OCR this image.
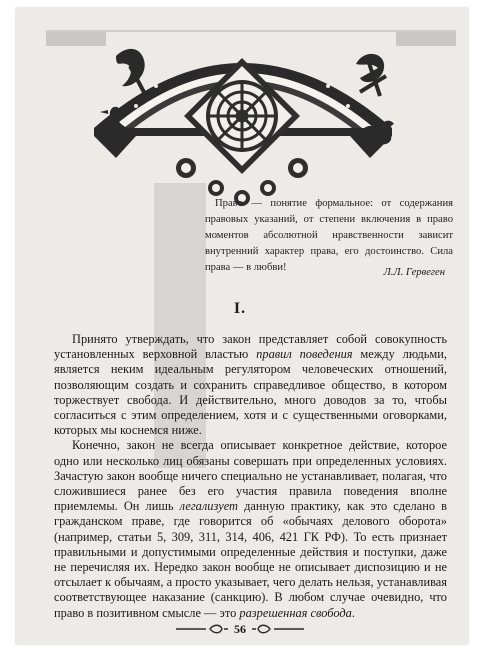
Право — понятие формальное: от содержания правовых указаний, от степени включения в право моментов абсолютной нравственности зависит внутренний характер права, его достоинство. Сила права — в любви!	Л.Л. Гервеген
I.

Принято утверждать, что закон представляет собой совокупность установленных верховной властью правил поведения между людьми, является неким идеальным регулятором человеческих отношений, позволяющим создать и сохранить справедливое общество, в котором торжествует свобода. И действительно, много доводов за то, чтобы согласиться с этим определением, хотя и с существенными оговорками, которых мы коснемся ниже.

Конечно, закон не всегда описывает конкретное действие, которое одно или несколько лиц обязаны совершать при определенных условиях. Зачастую закон вообще ничего специально не устанавливает, полагая, что сложившиеся ранее без его участия правила поведения вполне приемлемы. Он лишь легализует данную практику, как это сделано в гражданском праве, где говорится об «обычаях делового оборота» (например, статьи 5, 309, 311, 314, 406, 421 ГК РФ). То есть признает правильными и допустимыми определенные действия и поступки, даже не перечисляя их. Нередко закон вообще не описывает диспозицию и не отсылает к обычаям, а просто указывает, чего делать нельзя, устанавливая соответствующее наказание (санкцию). В любом случае очевидно, что право в позитивном смысле — это разрешенная свобода.

56
